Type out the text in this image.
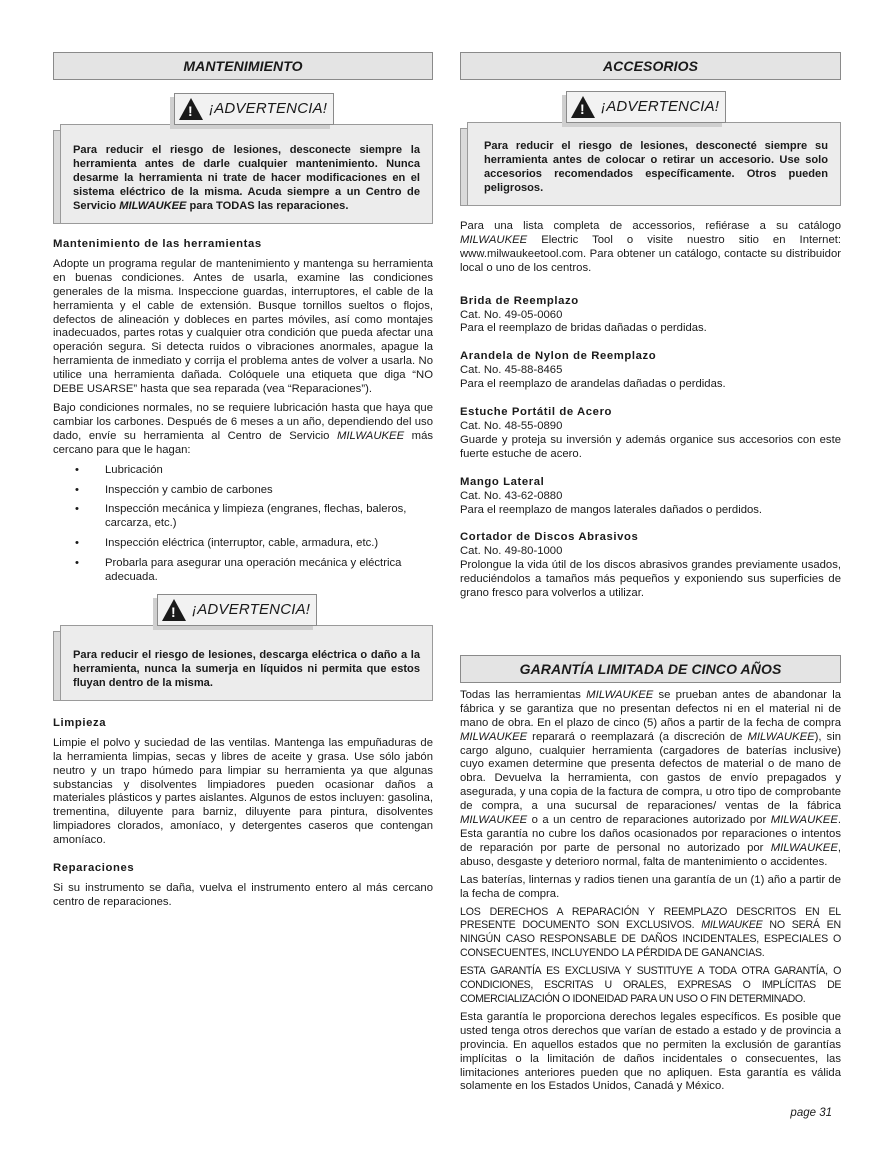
MANTENIMIENTO
! ¡ADVERTENCIA!
Para reducir el riesgo de lesiones, desconecte siempre la herramienta antes de darle cualquier mantenimiento. Nunca desarme la herramienta ni trate de hacer modificaciones en el sistema eléctrico de la misma. Acuda siempre a un Centro de Servicio MILWAUKEE para TODAS las reparaciones.
Mantenimiento de las herramientas

Adopte un programa regular de mantenimiento y mantenga su herramienta en buenas condiciones. Antes de usarla, examine las condiciones generales de la misma. Inspeccione guardas, interruptores, el cable de la herramienta y el cable de extensión. Busque tornillos sueltos o flojos, defectos de alineación y dobleces en partes móviles, así como montajes inadecuados, partes rotas y cualquier otra condición que pueda afectar una operación segura. Si detecta ruidos o vibraciones anormales, apague la herramienta de inmediato y corrija el problema antes de volver a usarla. No utilice una herramienta dañada. Colóquele una etiqueta que diga “NO DEBE USARSE” hasta que sea reparada (vea “Reparaciones”).

Bajo condiciones normales, no se requiere lubricación hasta que haya que cambiar los carbones. Después de 6 meses a un año, dependiendo del uso dado, envíe su herramienta al Centro de Servicio MILWAUKEE más cercano para que le hagan:

• Lubricación
• Inspección y cambio de carbones
• Inspección mecánica y limpieza (engranes, flechas, baleros, carcarza, etc.)
• Inspección eléctrica (interruptor, cable, armadura, etc.)
• Probarla para asegurar una operación mecánica y eléctrica adecuada.
! ¡ADVERTENCIA!
Para reducir el riesgo de lesiones, descarga eléctrica o daño a la herramienta, nunca la sumerja en líquidos ni permita que estos fluyan dentro de la misma.
Limpieza

Limpie el polvo y suciedad de las ventilas. Mantenga las empuñaduras de la herramienta limpias, secas y libres de aceite y grasa. Use sólo jabón neutro y un trapo húmedo para limpiar su herramienta ya que algunas substancias y disolventes limpiadores pueden ocasionar daños a materiales plásticos y partes aislantes. Algunos de estos incluyen: gasolina, trementina, diluyente para barniz, diluyente para pintura, disolventes limpiadores clorados, amoníaco, y detergentes caseros que contengan amoníaco.

Reparaciones

Si su instrumento se daña, vuelva el instrumento entero al más cercano centro de reparaciones.

ACCESORIOS
! ¡ADVERTENCIA!
Para reducir el riesgo de lesiones, desconecté siempre su herramienta antes de colocar o retirar un accesorio. Use solo accesorios recomendados específicamente. Otros pueden peligrosos.

Para una lista completa de accessorios, refiérase a su catálogo MILWAUKEE Electric Tool o visite nuestro sitio en Internet: www.milwaukeetool.com. Para obtener un catálogo, contacte su distribuidor local o uno de los centros.

Brida de Reemplazo
Cat. No. 49-05-0060

Para el reemplazo de bridas dañadas o perdidas.

Arandela de Nylon de Reemplazo
Cat. No. 45-88-8465

Para el reemplazo de arandelas dañadas o perdidas.

Estuche Portátil de Acero
Cat. No. 48-55-0890

Guarde y proteja su inversión y además organice sus accesorios con este fuerte estuche de acero.

Mango Lateral
Cat. No. 43-62-0880

Para el reemplazo de mangos laterales dañados o perdidos.

Cortador de Discos Abrasivos
Cat. No. 49-80-1000

Prolongue la vida útil de los discos abrasivos grandes previamente usados, reduciéndolos a tamaños más pequeños y exponiendo sus superficies de grano fresco para volverlos a utilizar.

GARANTÍA LIMITADA DE CINCO AÑOS

Todas las herramientas MILWAUKEE se prueban antes de abandonar la fábrica y se garantiza que no presentan defectos ni en el material ni de mano de obra. En el plazo de cinco (5) años a partir de la fecha de compra MILWAUKEE reparará o reemplazará (a discreción de MILWAUKEE), sin cargo alguno, cualquier herramienta (cargadores de baterías inclusive) cuyo examen determine que presenta defectos de material o de mano de obra. Devuelva la herramienta, con gastos de envío prepagados y asegurada, y una copia de la factura de compra, u otro tipo de comprobante de compra, a una sucursal de reparaciones/ ventas de la fábrica MILWAUKEE o a un centro de reparaciones autorizado por MILWAUKEE. Esta garantía no cubre los daños ocasionados por reparaciones o intentos de reparación por parte de personal no autorizado por MILWAUKEE, abuso, desgaste y deterioro normal, falta de mantenimiento o accidentes.

Las baterías, linternas y radios tienen una garantía de un (1) año a partir de la fecha de compra.

LOS DERECHOS A REPARACIÓN Y REEMPLAZO DESCRITOS EN EL PRESENTE DOCUMENTO SON EXCLUSIVOS. MILWAUKEE NO SERÁ EN NINGÚN CASO RESPONSABLE DE DAÑOS INCIDENTALES, ESPECIALES O CONSECUENTES, INCLUYENDO LA PÉRDIDA DE GANANCIAS.

ESTA GARANTÍA ES EXCLUSIVA Y SUSTITUYE A TODA OTRA GARANTÍA, O CONDICIONES, ESCRITAS U ORALES, EXPRESAS O IMPLÍCITAS DE COMERCIALIZACIÓN O IDONEIDAD PARA UN USO O FIN DETERMINADO.

Esta garantía le proporciona derechos legales específicos. Es posible que usted tenga otros derechos que varían de estado a estado y de provincia a provincia. En aquellos estados que no permiten la exclusión de garantías implícitas o la limitación de daños incidentales o consecuentes, las limitaciones anteriores pueden que no apliquen. Esta garantía es válida solamente en los Estados Unidos, Canadá y México.

page 31
